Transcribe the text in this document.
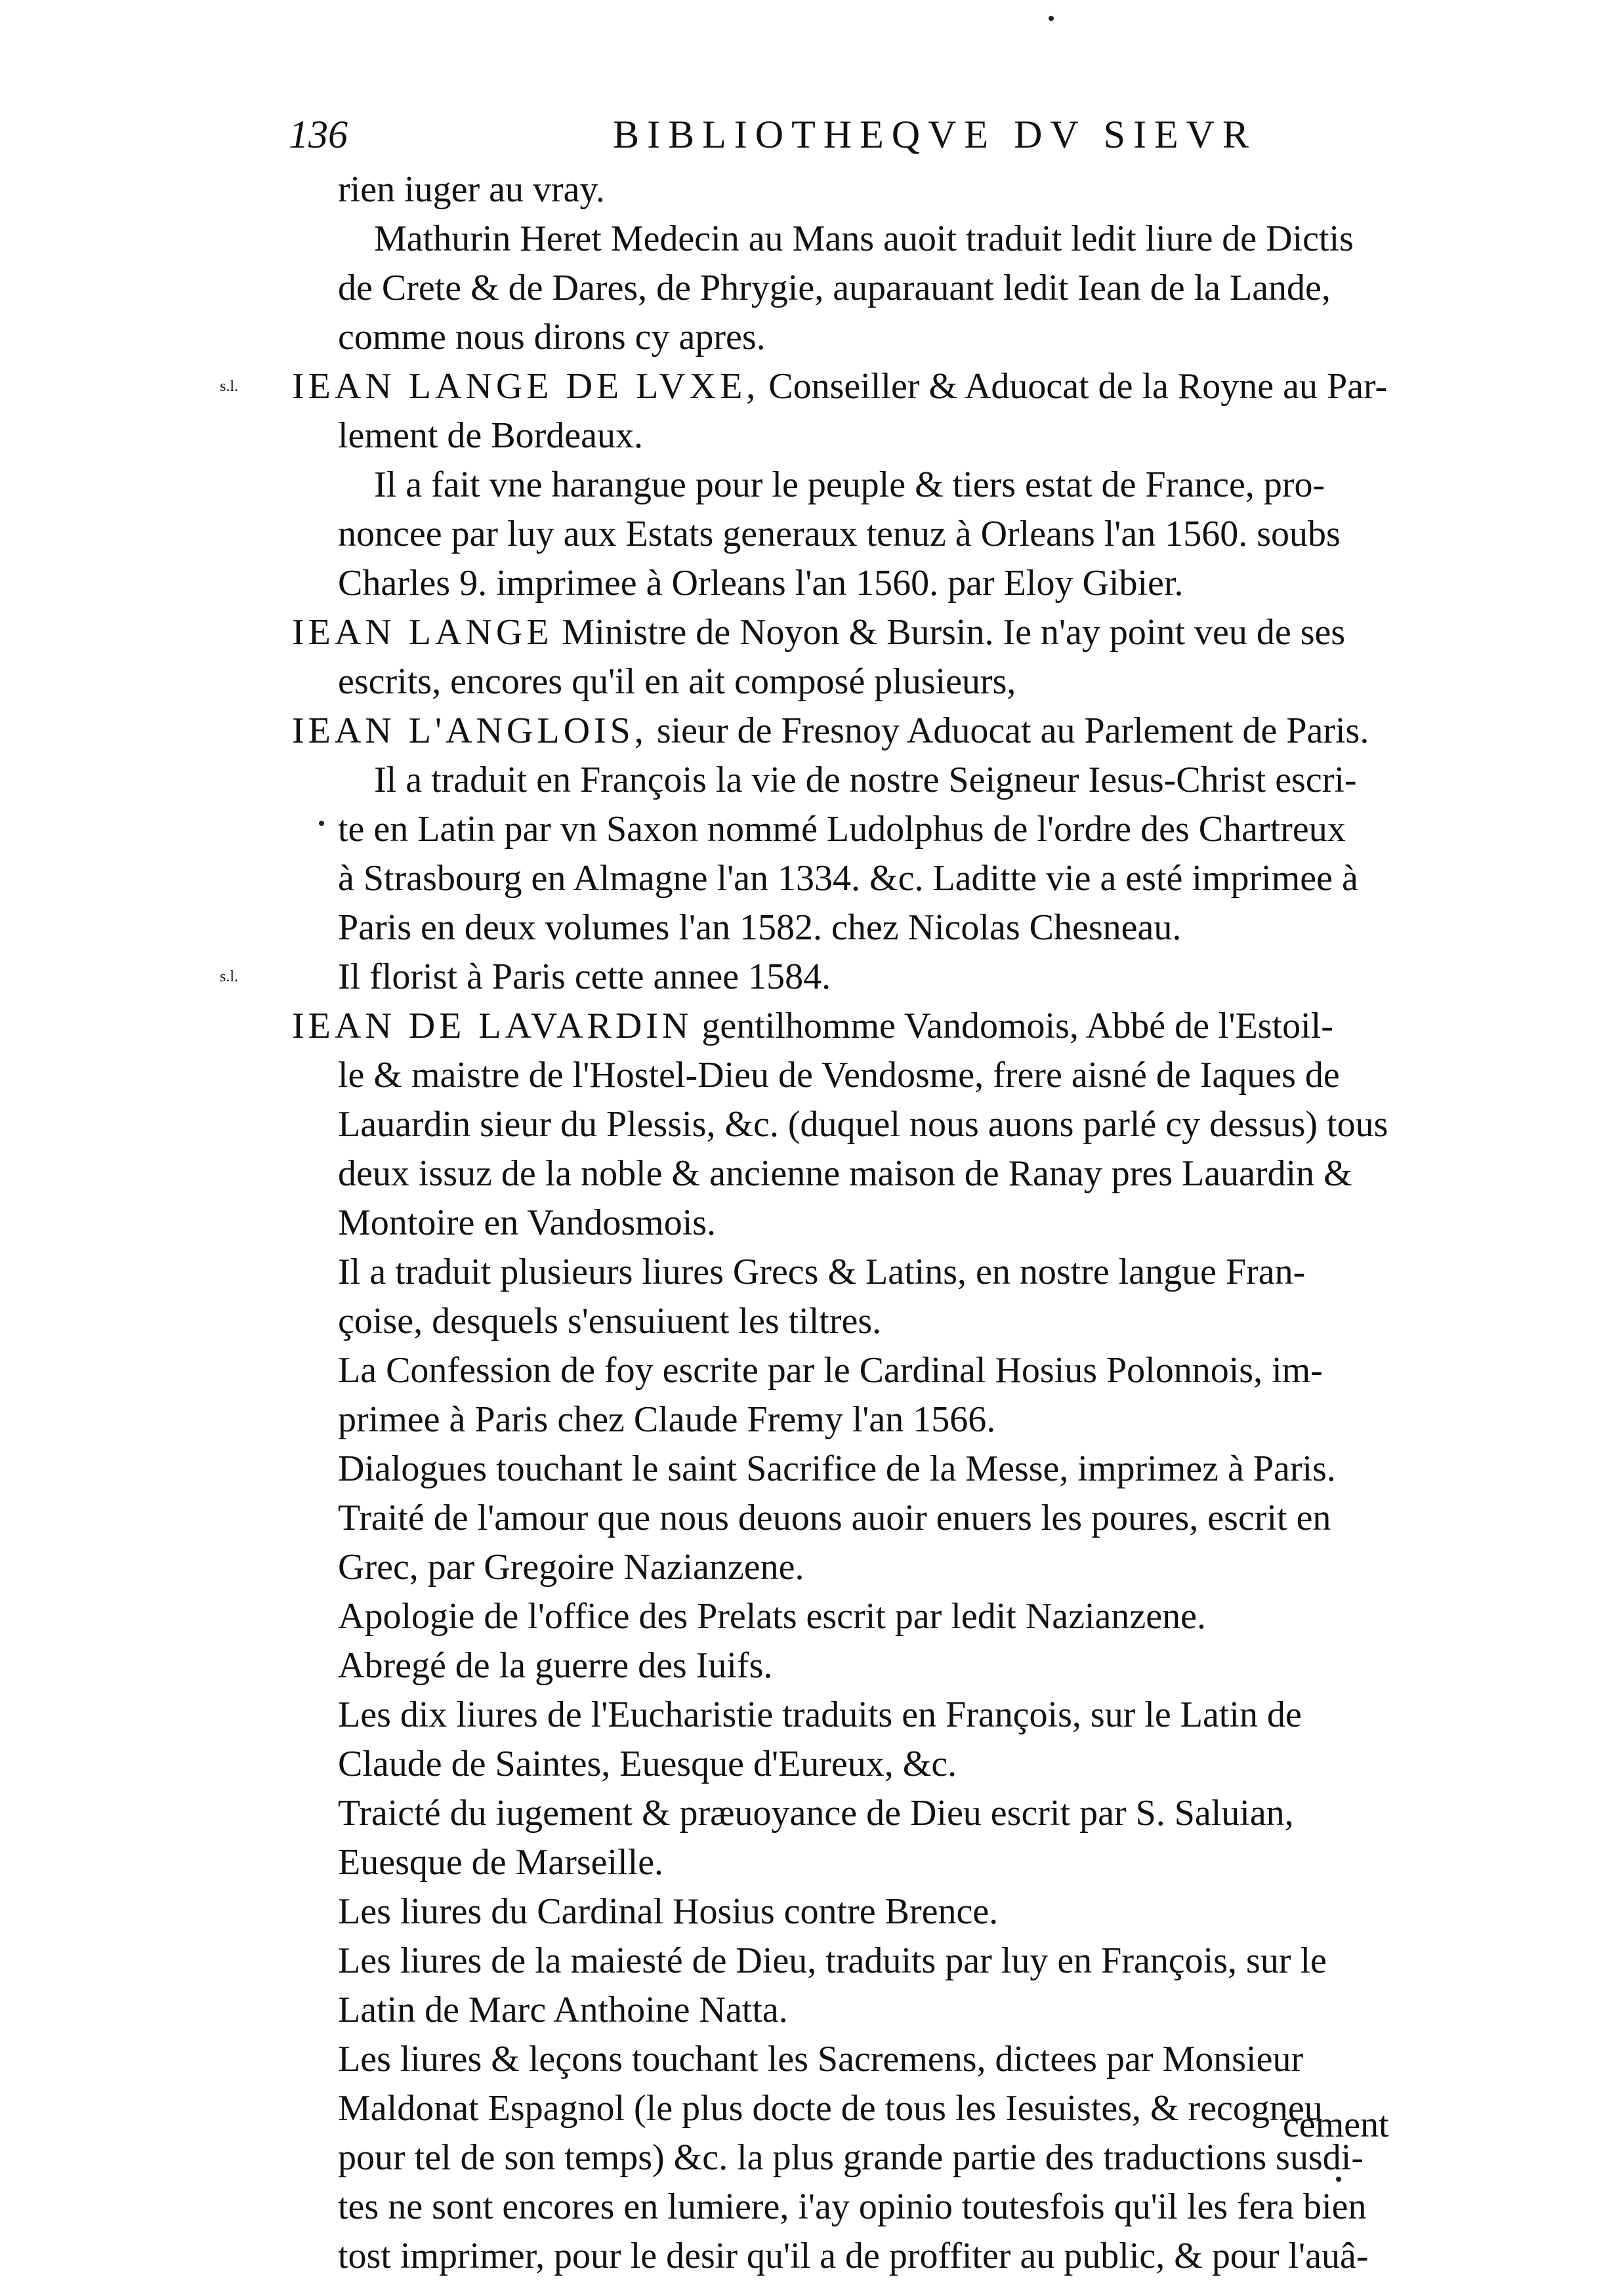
136	BIBLIOTHEQVE DV SIEVR
s.l.
s.l.
rien iuger au vray.
Mathurin Heret Medecin au Mans auoit traduit ledit liure de Dictis
de Crete & de Dares, de Phrygie, auparauant ledit Iean de la Lande,
comme nous dirons cy apres.
IEAN LANGE DE LVXE, Conseiller & Aduocat de la Royne au Par-
lement de Bordeaux.
Il a fait vne harangue pour le peuple & tiers estat de France, pro-
noncee par luy aux Estats generaux tenuz à Orleans l'an 1560. soubs
Charles 9. imprimee à Orleans l'an 1560. par Eloy Gibier.
IEAN LANGE Ministre de Noyon & Bursin. Ie n'ay point veu de ses
escrits, encores qu'il en ait composé plusieurs,
IEAN L'ANGLOIS, sieur de Fresnoy Aduocat au Parlement de Paris.
Il a traduit en François la vie de nostre Seigneur Iesus-Christ escri-
te en Latin par vn Saxon nommé Ludolphus de l'ordre des Chartreux
à Strasbourg en Almagne l'an 1334. &c. Laditte vie a esté imprimee à
Paris en deux volumes l'an 1582. chez Nicolas Chesneau.
Il florist à Paris cette annee 1584.
IEAN DE LAVARDIN gentilhomme Vandomois, Abbé de l'Estoil-
le & maistre de l'Hostel-Dieu de Vendosme, frere aisné de Iaques de
Lauardin sieur du Plessis, &c. (duquel nous auons parlé cy dessus) tous
deux issuz de la noble & ancienne maison de Ranay pres Lauardin &
Montoire en Vandosmois.
Il a traduit plusieurs liures Grecs & Latins, en nostre langue Fran-
çoise, desquels s'ensuiuent les tiltres.
La Confession de foy escrite par le Cardinal Hosius Polonnois, im-
primee à Paris chez Claude Fremy l'an 1566.
Dialogues touchant le saint Sacrifice de la Messe, imprimez à Paris.
Traité de l'amour que nous deuons auoir enuers les poures, escrit en
Grec, par Gregoire Nazianzene.
Apologie de l'office des Prelats escrit par ledit Nazianzene.
Abregé de la guerre des Iuifs.
Les dix liures de l'Eucharistie traduits en François, sur le Latin de
Claude de Saintes, Euesque d'Eureux, &c.
Traicté du iugement & præuoyance de Dieu escrit par S. Saluian,
Euesque de Marseille.
Les liures du Cardinal Hosius contre Brence.
Les liures de la maiesté de Dieu, traduits par luy en François, sur le
Latin de Marc Anthoine Natta.
Les liures & leçons touchant les Sacremens, dictees par Monsieur
Maldonat Espagnol (le plus docte de tous les Iesuistes, & recogneu
pour tel de son temps) &c. la plus grande partie des traductions susdi-
tes ne sont encores en lumiere, i'ay opinio toutesfois qu'il les fera bien
tost imprimer, pour le desir qu'il a de proffiter au public, & pour l'auâ-
cement
